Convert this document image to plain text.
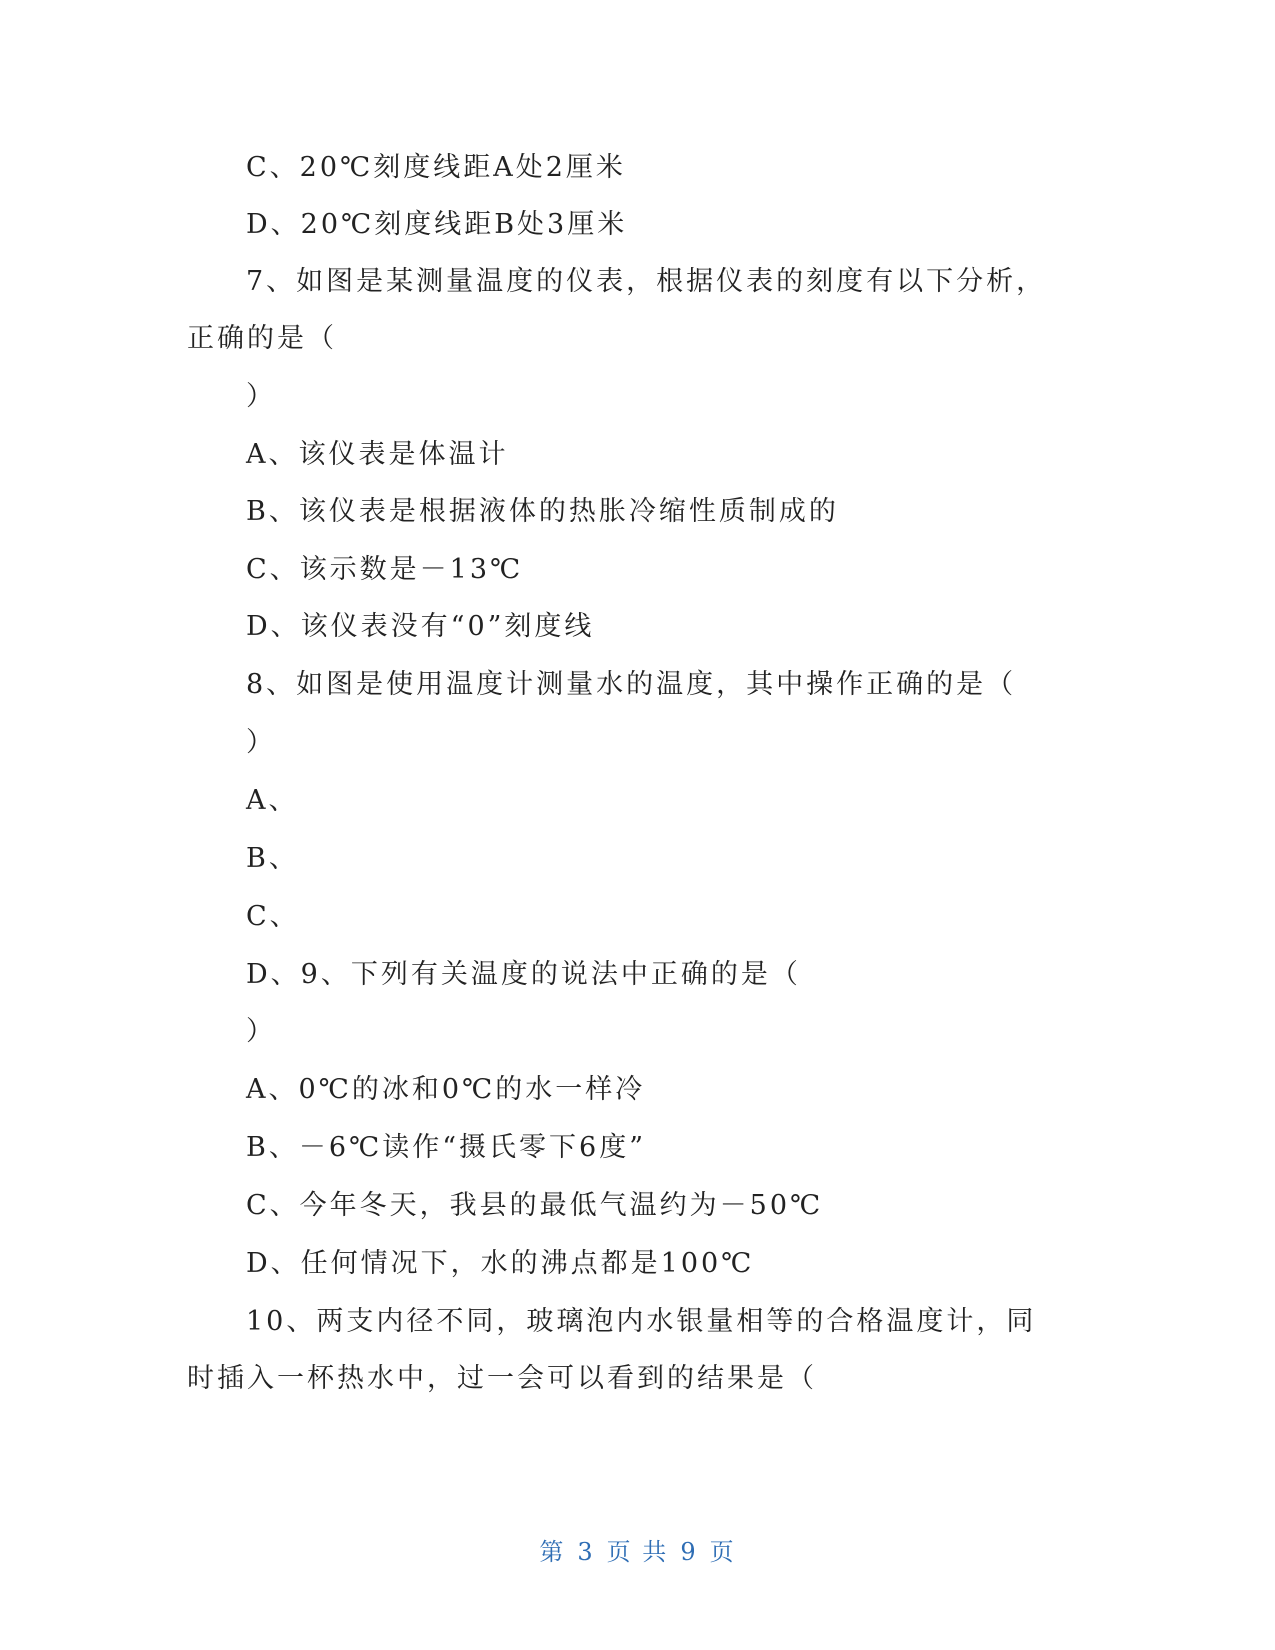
C、20℃刻度线距A处2厘米
D、20℃刻度线距B处3厘米
7、如图是某测量温度的仪表，根据仪表的刻度有以下分析，
正确的是（
）
A、该仪表是体温计
B、该仪表是根据液体的热胀冷缩性质制成的
C、该示数是－13℃
D、该仪表没有“0”刻度线
8、如图是使用温度计测量水的温度，其中操作正确的是（
）
A、
B、
C、
D、9、下列有关温度的说法中正确的是（
）
A、0℃的冰和0℃的水一样冷
B、－6℃读作“摄氏零下6度”
C、今年冬天，我县的最低气温约为－50℃
D、任何情况下，水的沸点都是100℃
10、两支内径不同，玻璃泡内水银量相等的合格温度计，同
时插入一杯热水中，过一会可以看到的结果是（
第 3 页 共 9 页
